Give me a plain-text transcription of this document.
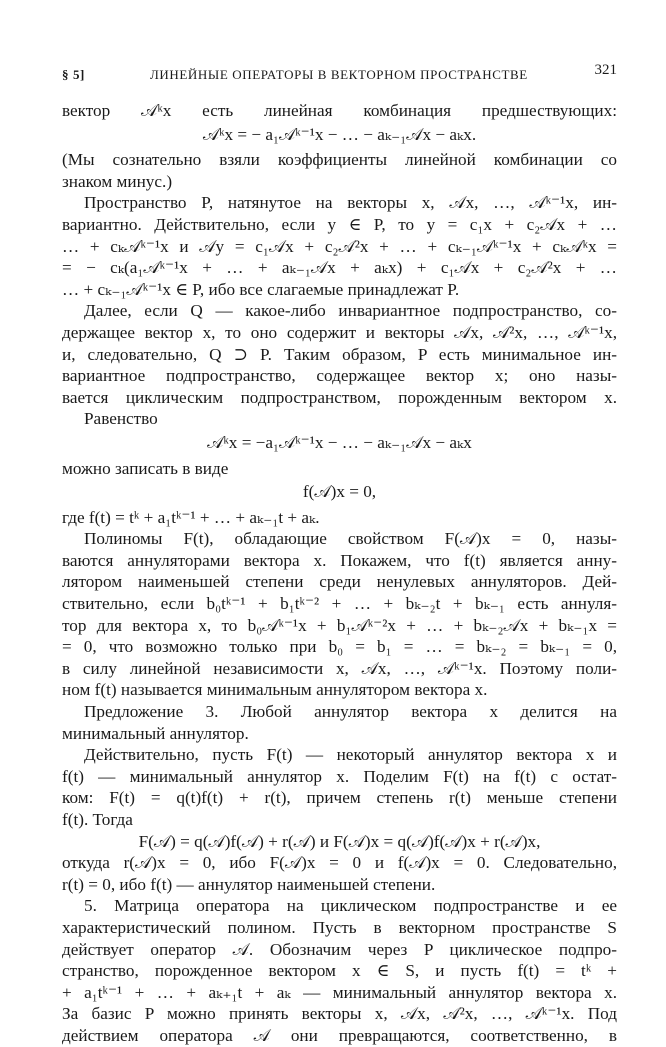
§ 5]	ЛИНЕЙНЫЕ ОПЕРАТОРЫ В ВЕКТОРНОМ ПРОСТРАНСТВЕ	321
вектор 𝒜ᵏx есть линейная комбинация предшествующих:
𝒜ᵏx = − a₁𝒜ᵏ⁻¹x − … − aₖ₋₁𝒜x − aₖx.
(Мы сознательно взяли коэффициенты линейной комбинации со
знаком минус.)
Пространство P, натянутое на векторы x, 𝒜x, …, 𝒜ᵏ⁻¹x, ин-
вариантно. Действительно, если y ∈ P, то y = c₁x + c₂𝒜x + …
… + cₖ𝒜ᵏ⁻¹x и 𝒜y = c₁𝒜x + c₂𝒜²x + … + cₖ₋₁𝒜ᵏ⁻¹x + cₖ𝒜ᵏx =
= − cₖ(a₁𝒜ᵏ⁻¹x + … + aₖ₋₁𝒜x + aₖx) + c₁𝒜x + c₂𝒜²x + …
… + cₖ₋₁𝒜ᵏ⁻¹x ∈ P, ибо все слагаемые принадлежат P.
Далее, если Q — какое-либо инвариантное подпространство, со-
держащее вектор x, то оно содержит и векторы 𝒜x, 𝒜²x, …, 𝒜ᵏ⁻¹x,
и, следовательно, Q ⊃ P. Таким образом, P есть минимальное ин-
вариантное подпространство, содержащее вектор x; оно назы-
вается циклическим подпространством, порожденным вектором x.
Равенство
𝒜ᵏx = −a₁𝒜ᵏ⁻¹x − … − aₖ₋₁𝒜x − aₖx
можно записать в виде
f(𝒜)x = 0,
где f(t) = tᵏ + a₁tᵏ⁻¹ + … + aₖ₋₁t + aₖ.
Полиномы F(t), обладающие свойством F(𝒜)x = 0, назы-
ваются аннуляторами вектора x. Покажем, что f(t) является анну-
лятором наименьшей степени среди ненулевых аннуляторов. Дей-
ствительно, если b₀tᵏ⁻¹ + b₁tᵏ⁻² + … + bₖ₋₂t + bₖ₋₁ есть аннуля-
тор для вектора x, то b₀𝒜ᵏ⁻¹x + b₁𝒜ᵏ⁻²x + … + bₖ₋₂𝒜x + bₖ₋₁x =
= 0, что возможно только при b₀ = b₁ = … = bₖ₋₂ = bₖ₋₁ = 0,
в силу линейной независимости x, 𝒜x, …, 𝒜ᵏ⁻¹x. Поэтому поли-
ном f(t) называется минимальным аннулятором вектора x.
Предложение 3. Любой аннулятор вектора x делится на
минимальный аннулятор.
Действительно, пусть F(t) — некоторый аннулятор вектора x и
f(t) — минимальный аннулятор x. Поделим F(t) на f(t) с остат-
ком: F(t) = q(t)f(t) + r(t), причем степень r(t) меньше степени
f(t). Тогда
F(𝒜) = q(𝒜)f(𝒜) + r(𝒜) и F(𝒜)x = q(𝒜)f(𝒜)x + r(𝒜)x,
откуда r(𝒜)x = 0, ибо F(𝒜)x = 0 и f(𝒜)x = 0. Следовательно,
r(t) = 0, ибо f(t) — аннулятор наименьшей степени.
5. Матрица оператора на циклическом подпространстве и ее
характеристический полином. Пусть в векторном пространстве S
действует оператор 𝒜. Обозначим через P циклическое подпро-
странство, порожденное вектором x ∈ S, и пусть f(t) = tᵏ +
+ a₁tᵏ⁻¹ + … + aₖ₊₁t + aₖ — минимальный аннулятор вектора x.
За базис P можно принять векторы x, 𝒜x, 𝒜²x, …, 𝒜ᵏ⁻¹x. Под
действием оператора 𝒜 они превращаются, соответственно, в
